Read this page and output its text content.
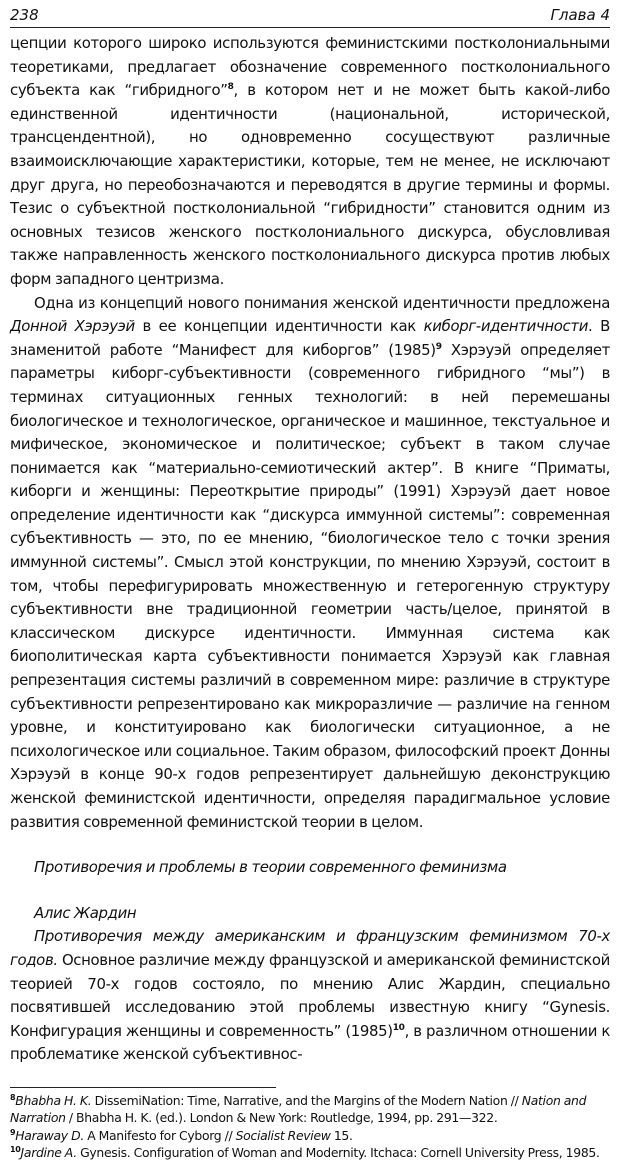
238	Глава 4

цепции которого широко используются феминистскими постколониальными теоретиками, предлагает обозначение современного постколониального субъекта как “гибридного”$^8$, в котором нет и не может быть какой-либо единственной идентичности (национальной, исторической, трансцендентной), но одновременно сосуществуют различные взаимоисключающие характеристики, которые, тем не менее, не исключают друг друга, но переобозначаются и переводятся в другие термины и формы. Тезис о субъектной постколониальной “гибридности” становится одним из основных тезисов женского постколониального дискурса, обусловливая также направленность женского постколониального дискурса против любых форм западного центризма.

Одна из концепций нового понимания женской идентичности предложена Донной Хэрэуэй в ее концепции идентичности как киборг-идентичности. В знаменитой работе “Манифест для киборгов” $(1985)^9$ Хэрэуэй определяет параметры киборг-субъективности (современного гибридного “мы”) в терминах ситуационных генных технологий: в ней перемешаны биологическое и технологическое, органическое и машинное, текстуальное и мифическое, экономическое и политическое; субъект в таком случае понимается как “материально-семиотический актер”. В книге “Приматы, киборги и женщины: Переоткрытие природы” (1991) Хэрэуэй дает новое определение идентичности как “дискурса иммунной системы”: современная субъективность — это, по ее мнению, “биологическое тело с точки зрения иммунной системы”. Смысл этой конструкции, по мнению Хэрэуэй, состоит в том, чтобы перефигурировать множественную и гетерогенную структуру субъективности вне традиционной геометрии часть/целое, принятой в классическом дискурсе идентичности. Иммунная система как биополитическая карта субъективности понимается Хэрэуэй как главная репрезентация системы различий в современном мире: различие в структуре субъективности репрезентировано как микроразличие — различие на генном уровне, и конституировано как биологически ситуационное, а не психологическое или социальное. Таким образом, философский проект Донны Хэрэуэй в конце 90-х годов репрезентирует дальнейшую деконструкцию женской феминистской идентичности, определяя парадигмальное условие развития современной феминистской теории в целом.

Противоречия и проблемы в теории современного феминизма

Алис Жардин

Противоречия между американским и французским феминизмом 70-х годов. Основное различие между французской и американской феминистской теорией 70-х годов состояло, по мнению Алис Жардин, специально посвятившей исследованию этой проблемы известную книгу “Gynesis. Конфигурация женщины и современность” $(1985)^{10}$, в различном отношении к проблематике женской субъективнос-

$^8$Bhabha H. K. DissemiNation: Time, Narrative, and the Margins of the Modern Nation // Nation and Narration / Bhabha H. K. (ed.). London & New York: Routledge, 1994, pp. 291—322.

$^9$Haraway D. A Manifesto for Cyborg // Socialist Review 15.

$^{10}$Jardine A. Gynesis. Configuration of Woman and Modernity. Itchaca: Cornell University Press, 1985.
